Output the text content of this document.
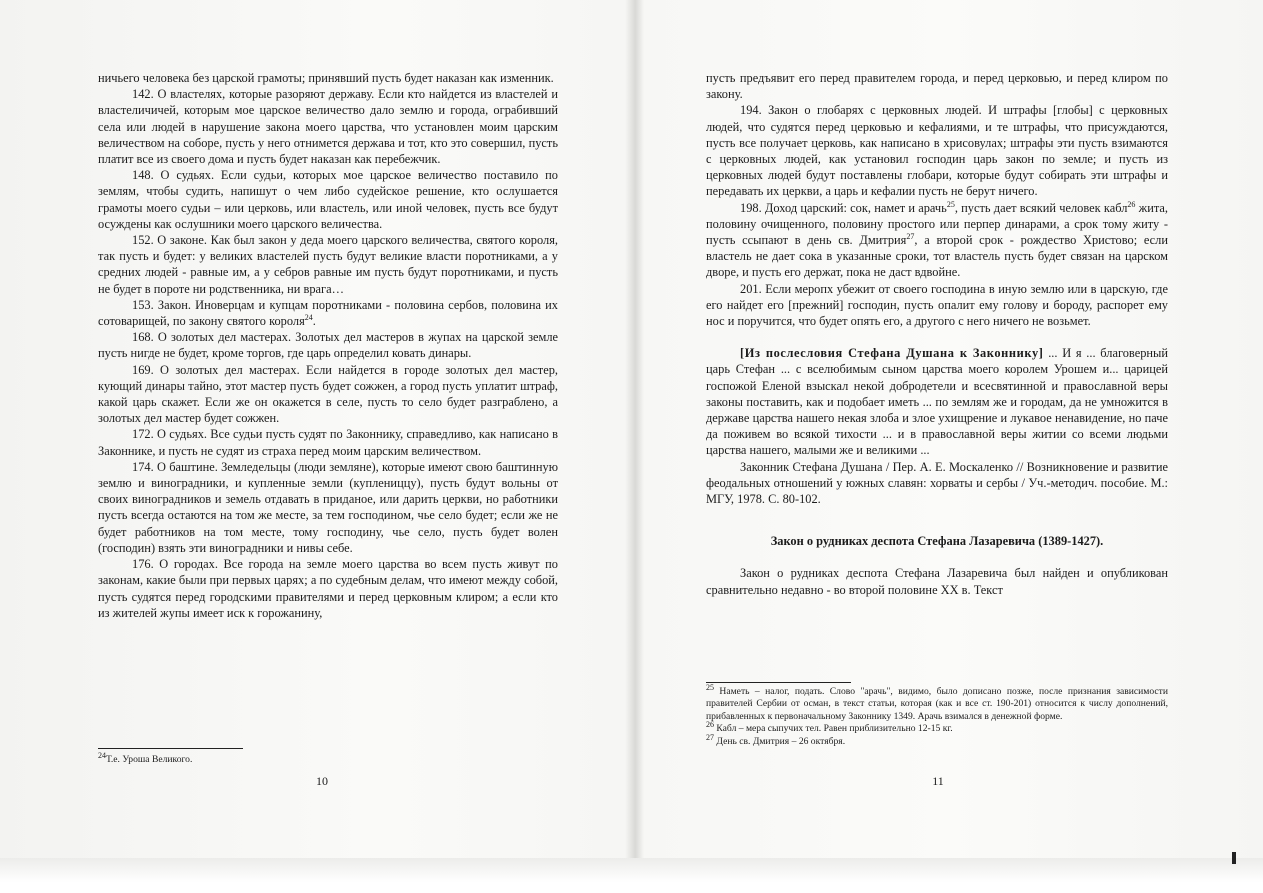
ничьего человека без царской грамоты; принявший пусть будет наказан как изменник.

142. О властелях, которые разоряют державу. Если кто найдется из властелей и властеличичей, которым мое царское величество дало землю и города, ограбивший села или людей в нарушение закона моего царства, что установлен моим царским величеством на соборе, пусть у него отнимется держава и тот, кто это совершил, пусть платит все из своего дома и пусть будет наказан как перебежчик.

148. О судьях. Если судьи, которых мое царское величество поставило по землям, чтобы судить, напишут о чем либо судейское решение, кто ослушается грамоты моего судьи – или церковь, или властель, или иной человек, пусть все будут осуждены как ослушники моего царского величества.

152. О законе. Как был закон у деда моего царского величества, святого короля, так пусть и будет: у великих властелей пусть будут великие власти поротниками, а у средних людей - равные им, а у себров равные им пусть будут поротниками, и пусть не будет в пороте ни родственника, ни врага…

153. Закон. Иноверцам и купцам поротниками - половина сербов, половина их сотоварищей, по закону святого короля$^{24}$.

168. О золотых дел мастерах. Золотых дел мастеров в жупах на царской земле пусть нигде не будет, кроме торгов, где царь определил ковать динары.

169. О золотых дел мастерах. Если найдется в городе золотых дел мастер, кующий динары тайно, этот мастер пусть будет сожжен, а город пусть уплатит штраф, какой царь скажет. Если же он окажется в селе, пусть то село будет разграблено, а золотых дел мастер будет сожжен.

172. О судьях. Все судьи пусть судят по Законнику, справедливо, как написано в Законнике, и пусть не судят из страха перед моим царским величеством.

174. О баштине. Земледельцы (люди земляне), которые имеют свою баштинную землю и виноградники, и купленные земли (куплениццу), пусть будут вольны от своих виноградников и земель отдавать в приданое, или дарить церкви, но работники пусть всегда остаются на том же месте, за тем господином, чье село будет; если же не будет работников на том месте, тому господину, чье село, пусть будет волен (господин) взять эти виноградники и нивы себе.

176. О городах. Все города на земле моего царства во всем пусть живут по законам, какие были при первых царях; а по судебным делам, что имеют между собой, пусть судятся перед городскими правителями и перед церковным клиром; а если кто из жителей жупы имеет иск к горожанину,

$^{24}$Т.е. Уроша Великого.

10

пусть предъявит его перед правителем города, и перед церковью, и перед клиром по закону.

194. Закон о глобарях с церковных людей. И штрафы [глобы] с церковных людей, что судятся перед церковью и кефалиями, и те штрафы, что присуждаются, пусть все получает церковь, как написано в хрисовулах; штрафы эти пусть взимаются с церковных людей, как установил господин царь закон по земле; и пусть из церковных людей будут поставлены глобари, которые будут собирать эти штрафы и передавать их церкви, а царь и кефалии пусть не берут ничего.

198. Доход царский: сок, намет и арачь$^{25}$, пусть дает всякий человек кабл$^{26}$ жита, половину очищенного, половину простого или перпер динарами, а срок тому житу - пусть ссыпают в день св. Дмитрия$^{27}$, а второй срок - рождество Христово; если властель не дает сока в указанные сроки, тот властель пусть будет связан на царском дворе, и пусть его держат, пока не даст вдвойне.

201. Если меропх убежит от своего господина в иную землю или в царскую, где его найдет его [прежний] господин, пусть опалит ему голову и бороду, распорет ему нос и поручится, что будет опять его, а другого с него ничего не возьмет.

[Из послесловия Стефана Душана к Законнику] ... И я ... благоверный царь Стефан ... с вселюбимым сыном царства моего королем Урошем и... царицей госпожой Еленой взыскал некой добродетели и всесвятинной и православной веры законы поставить, как и подобает иметь ... по землям же и городам, да не умножится в державе царства нашего некая злоба и злое ухищрение и лукавое ненавидение, но паче да поживем во всякой тихости ... и в православной веры житии со всеми людьми царства нашего, малыми же и великими ...

Законник Стефана Душана / Пер. А. Е. Москаленко // Возникновение и развитие феодальных отношений у южных славян: хорваты и сербы / Уч.-методич. пособие. М.: МГУ, 1978. С. 80-102.

Закон о рудниках деспота Стефана Лазаревича (1389-1427).

Закон о рудниках деспота Стефана Лазаревича был найден и опубликован сравнительно недавно - во второй половине XX в. Текст

$^{25}$ Наметь – налог, подать. Слово "арачь", видимо, было дописано позже, после признания зависимости правителей Сербии от осман, в текст статьи, которая (как и все ст. 190-201) относится к числу дополнений, прибавленных к первоначальному Законнику 1349. Арачь взимался в денежной форме.

$^{26}$ Кабл – мера сыпучих тел. Равен приблизительно 12-15 кг.

$^{27}$ День св. Дмитрия – 26 октября.

11
